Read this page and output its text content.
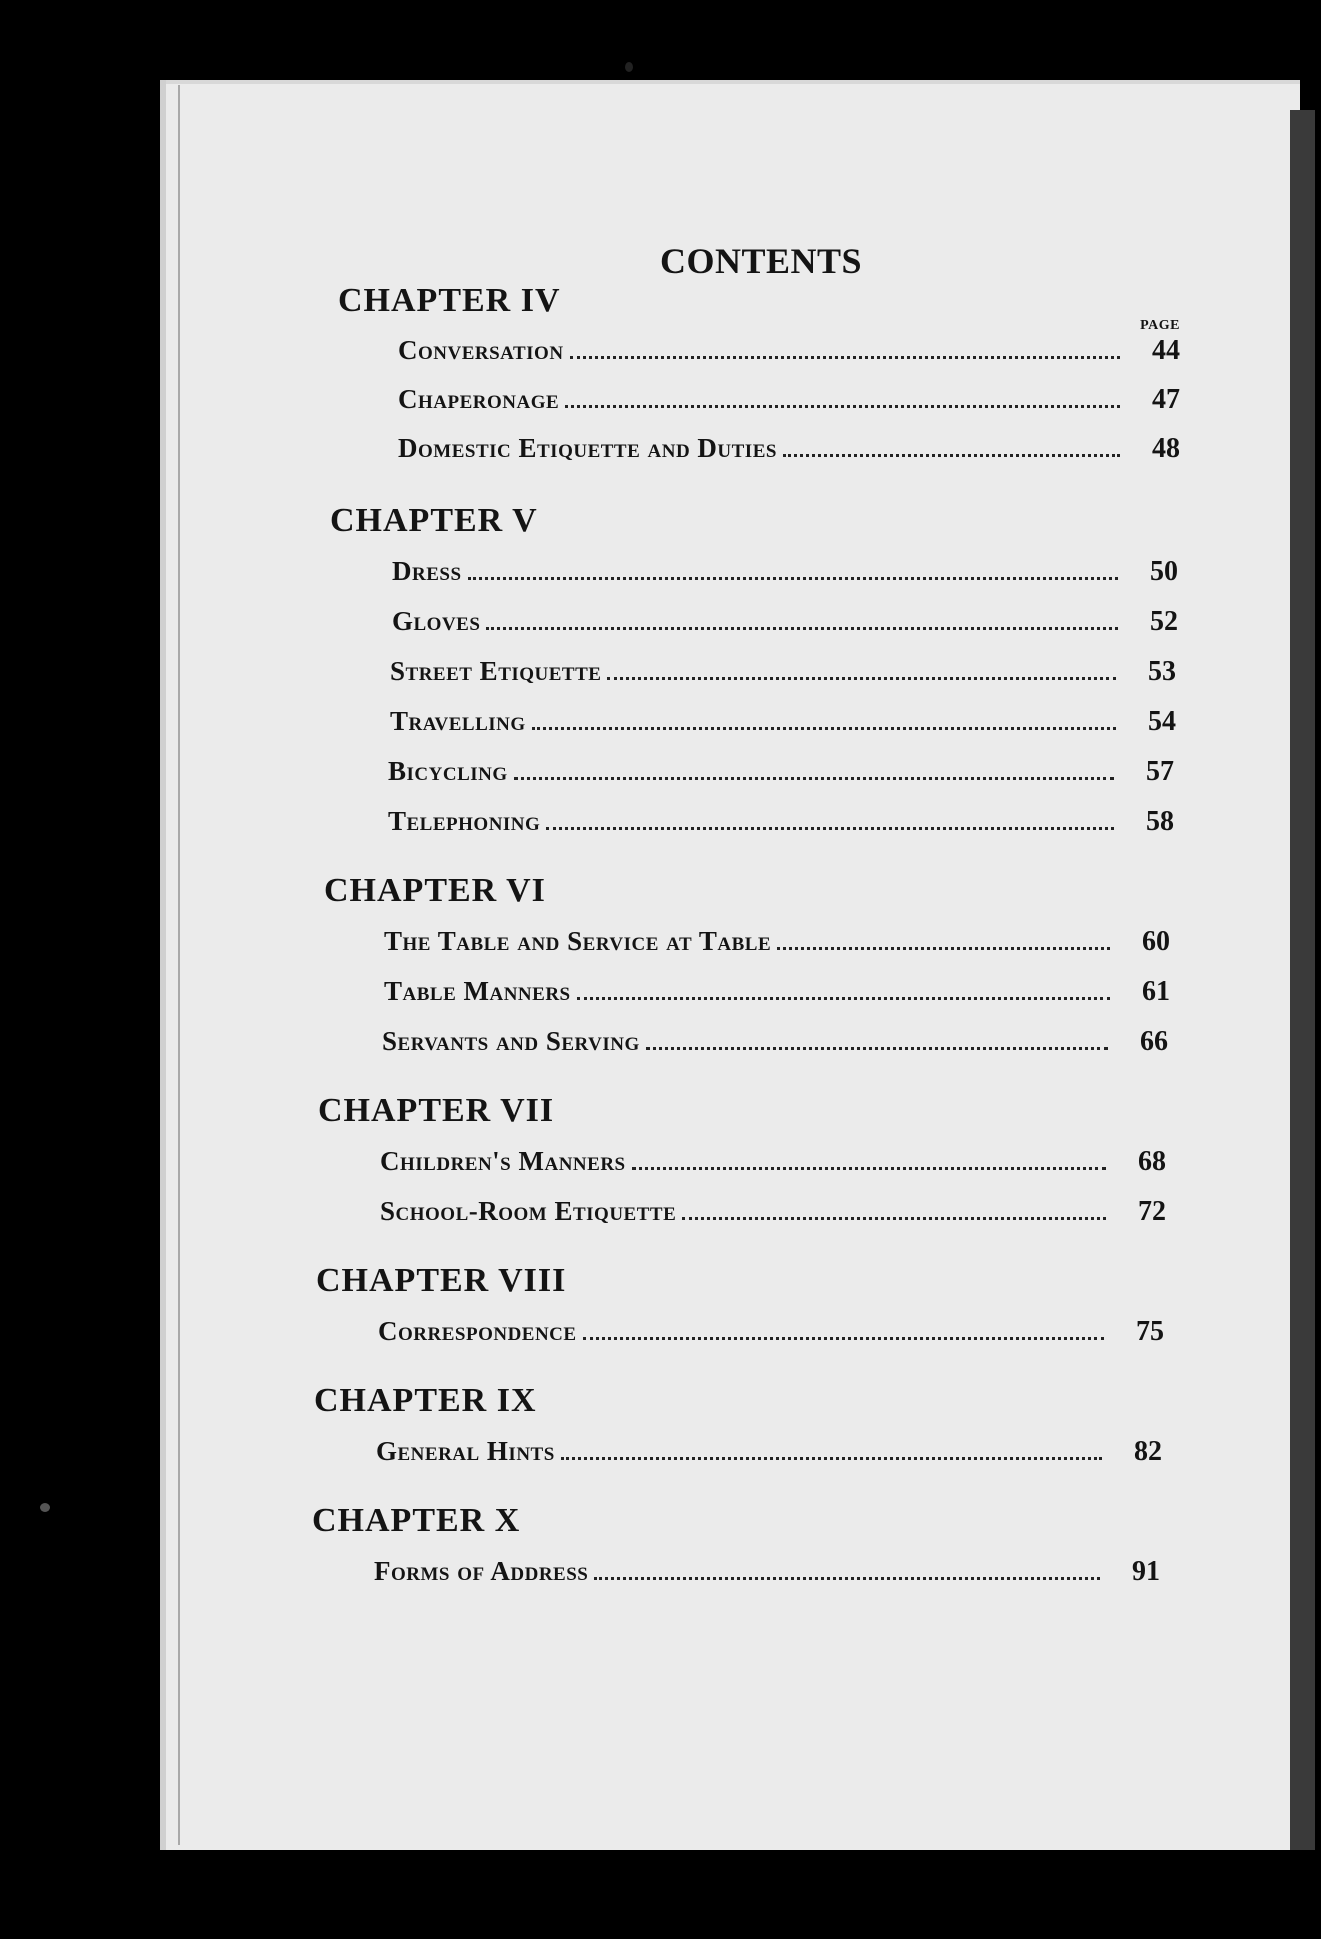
CONTENTS
PAGE
CHAPTER IV
Conversation	44
Chaperonage	47
Domestic Etiquette and Duties	48
CHAPTER V
Dress	50
Gloves	52
Street Etiquette	53
Travelling	54
Bicycling	57
Telephoning	58
CHAPTER VI
The Table and Service at Table	60
Table Manners	61
Servants and Serving	66
CHAPTER VII
Children's Manners	68
School-Room Etiquette	72
CHAPTER VIII
Correspondence	75
CHAPTER IX
General Hints	82
CHAPTER X
Forms of Address	91
